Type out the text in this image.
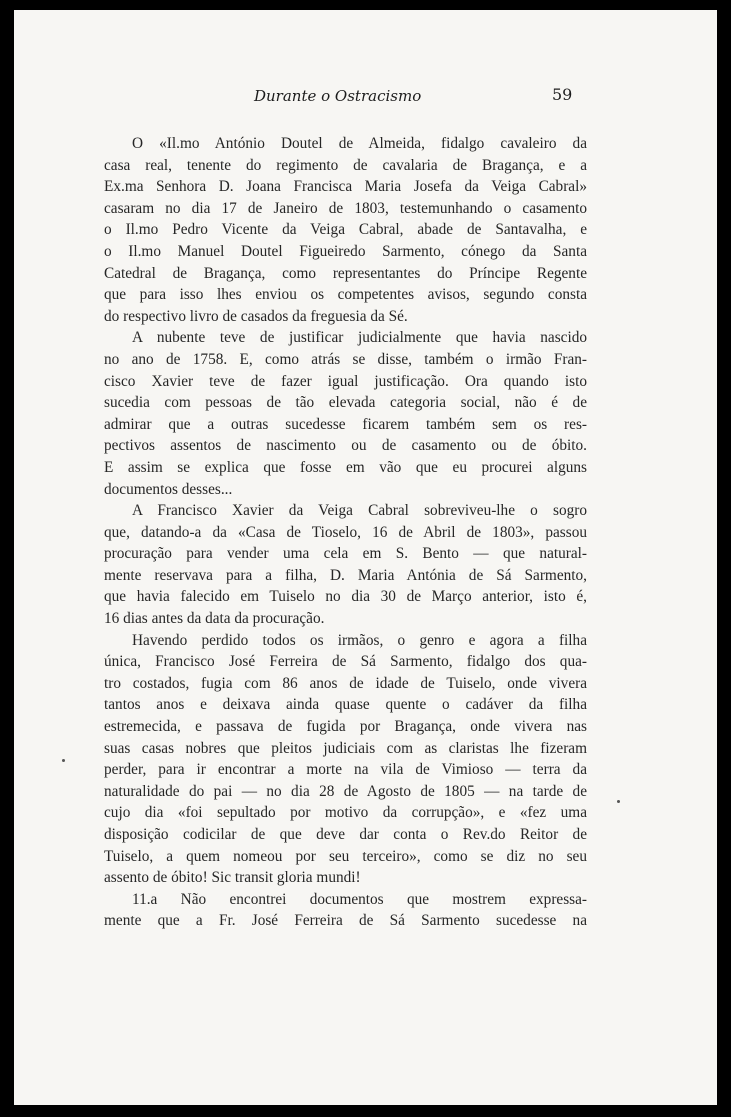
Durante o Ostracismo	59
O «Il.mo António Doutel de Almeida, fidalgo cavaleiro da
casa real, tenente do regimento de cavalaria de Bragança, e a
Ex.ma Senhora D. Joana Francisca Maria Josefa da Veiga Cabral»
casaram no dia 17 de Janeiro de 1803, testemunhando o casamento
o Il.mo Pedro Vicente da Veiga Cabral, abade de Santavalha, e
o Il.mo Manuel Doutel Figueiredo Sarmento, cónego da Santa
Catedral de Bragança, como representantes do Príncipe Regente
que para isso lhes enviou os competentes avisos, segundo consta
do respectivo livro de casados da freguesia da Sé.
A nubente teve de justificar judicialmente que havia nascido
no ano de 1758. E, como atrás se disse, também o irmão Fran-
cisco Xavier teve de fazer igual justificação. Ora quando isto
sucedia com pessoas de tão elevada categoria social, não é de
admirar que a outras sucedesse ficarem também sem os res-
pectivos assentos de nascimento ou de casamento ou de óbito.
E assim se explica que fosse em vão que eu procurei alguns
documentos desses...
A Francisco Xavier da Veiga Cabral sobreviveu-lhe o sogro
que, datando-a da «Casa de Tioselo, 16 de Abril de 1803», passou
procuração para vender uma cela em S. Bento — que natural-
mente reservava para a filha, D. Maria Antónia de Sá Sarmento,
que havia falecido em Tuiselo no dia 30 de Março anterior, isto é,
16 dias antes da data da procuração.
Havendo perdido todos os irmãos, o genro e agora a filha
única, Francisco José Ferreira de Sá Sarmento, fidalgo dos qua-
tro costados, fugia com 86 anos de idade de Tuiselo, onde vivera
tantos anos e deixava ainda quase quente o cadáver da filha
estremecida, e passava de fugida por Bragança, onde vivera nas
suas casas nobres que pleitos judiciais com as claristas lhe fizeram
perder, para ir encontrar a morte na vila de Vimioso — terra da
naturalidade do pai — no dia 28 de Agosto de 1805 — na tarde de
cujo dia «foi sepultado por motivo da corrupção», e «fez uma
disposição codicilar de que deve dar conta o Rev.do Reitor de
Tuiselo, a quem nomeou por seu terceiro», como se diz no seu
assento de óbito! Sic transit gloria mundi!
11.a Não encontrei documentos que mostrem expressa-
mente que a Fr. José Ferreira de Sá Sarmento sucedesse na
